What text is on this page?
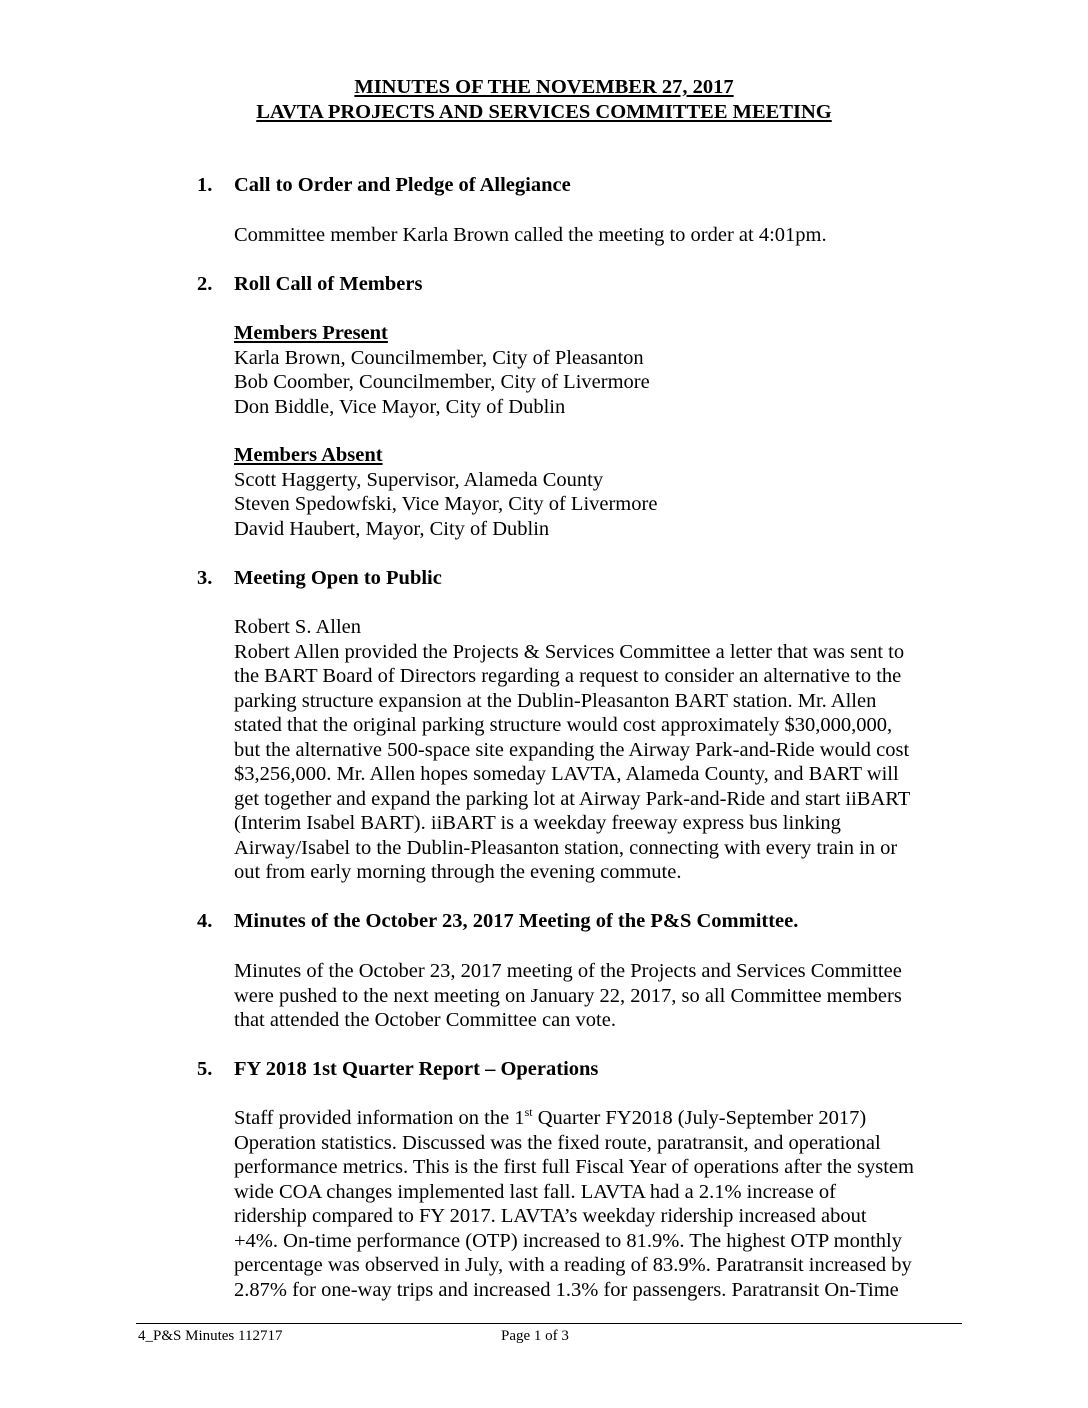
MINUTES OF THE NOVEMBER 27, 2017

LAVTA PROJECTS AND SERVICES COMMITTEE MEETING

1. Call to Order and Pledge of Allegiance

Committee member Karla Brown called the meeting to order at 4:01pm.

2. Roll Call of Members

Members Present
Karla Brown, Councilmember, City of Pleasanton
Bob Coomber, Councilmember, City of Livermore
Don Biddle, Vice Mayor, City of Dublin
Members Absent
Scott Haggerty, Supervisor, Alameda County
Steven Spedowfski, Vice Mayor, City of Livermore
David Haubert, Mayor, City of Dublin

3. Meeting Open to Public

Robert S. Allen
Robert Allen provided the Projects & Services Committee a letter that was sent to
the BART Board of Directors regarding a request to consider an alternative to the
parking structure expansion at the Dublin-Pleasanton BART station. Mr. Allen
stated that the original parking structure would cost approximately $30,000,000,
but the alternative 500-space site expanding the Airway Park-and-Ride would cost
$3,256,000. Mr. Allen hopes someday LAVTA, Alameda County, and BART will
get together and expand the parking lot at Airway Park-and-Ride and start iiBART
(Interim Isabel BART). iiBART is a weekday freeway express bus linking
Airway/Isabel to the Dublin-Pleasanton station, connecting with every train in or
out from early morning through the evening commute.

4. Minutes of the October 23, 2017 Meeting of the P&S Committee.

Minutes of the October 23, 2017 meeting of the Projects and Services Committee
were pushed to the next meeting on January 22, 2017, so all Committee members
that attended the October Committee can vote.

5. FY 2018 1st Quarter Report – Operations

Staff provided information on the 1st Quarter FY2018 (July-September 2017)
Operation statistics. Discussed was the fixed route, paratransit, and operational
performance metrics. This is the first full Fiscal Year of operations after the system
wide COA changes implemented last fall. LAVTA had a 2.1% increase of
ridership compared to FY 2017. LAVTA’s weekday ridership increased about
+4%. On-time performance (OTP) increased to 81.9%. The highest OTP monthly
percentage was observed in July, with a reading of 83.9%. Paratransit increased by
2.87% for one-way trips and increased 1.3% for passengers. Paratransit On-Time
4_P&S Minutes 112717	Page 1 of 3
